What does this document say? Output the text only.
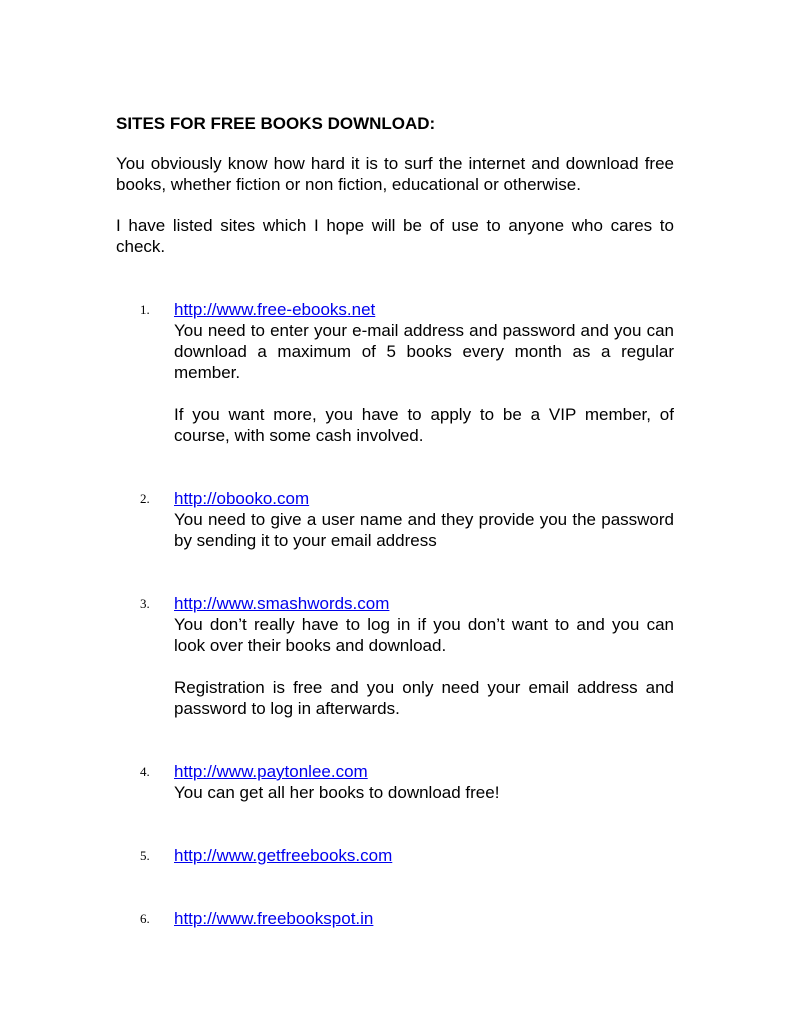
SITES FOR FREE BOOKS DOWNLOAD:

You obviously know how hard it is to surf the internet and download free books, whether fiction or non fiction, educational or otherwise.

I have listed sites which I hope will be of use to anyone who cares to check.

1. http://www.free-ebooks.net

You need to enter your e-mail address and password and you can download a maximum of 5 books every month as a regular member.

If you want more, you have to apply to be a VIP member, of course, with some cash involved.

2. http://obooko.com

You need to give a user name and they provide you the password by sending it to your email address

3. http://www.smashwords.com

You don’t really have to log in if you don’t want to and you can look over their books and download.

Registration is free and you only need your email address and password to log in afterwards.

4. http://www.paytonlee.com

You can get all her books to download free!

5. http://www.getfreebooks.com
6. http://www.freebookspot.in
